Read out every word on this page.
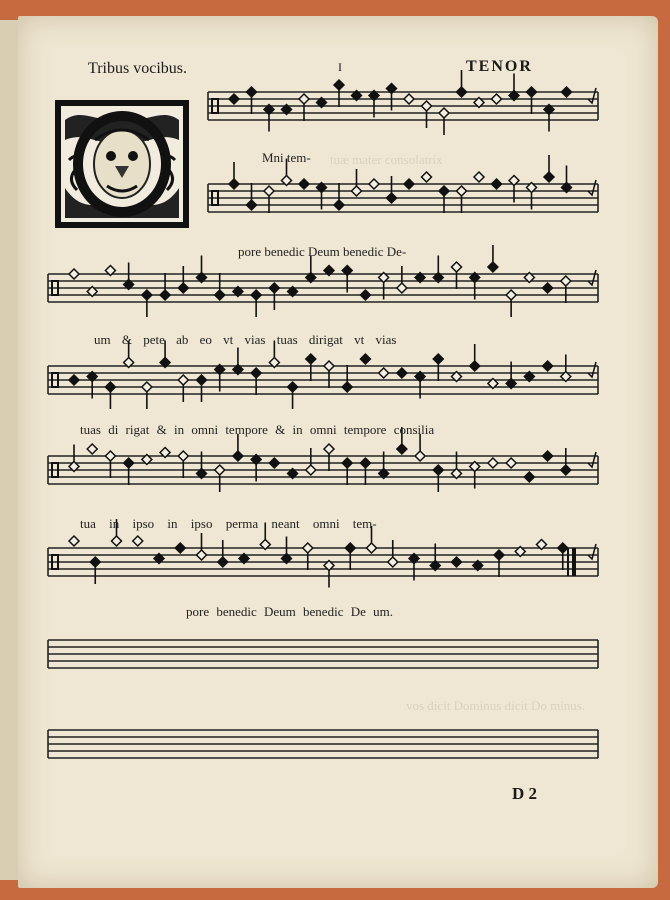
Tribus vocibus.	I	TENOR
Mni tem-
pore benedic Deum benedic De-
um & pete ab eo vt vias tuas dirigat vt vias
tuas di rigat & in omni tempore & in omni tempore consilia
tua in ipso in ipso perma neant omni tem-
pore benedic Deum benedic De um.
tuæ mater consolatrix
vos dicit Dominus dicit Do minus.
D 2
